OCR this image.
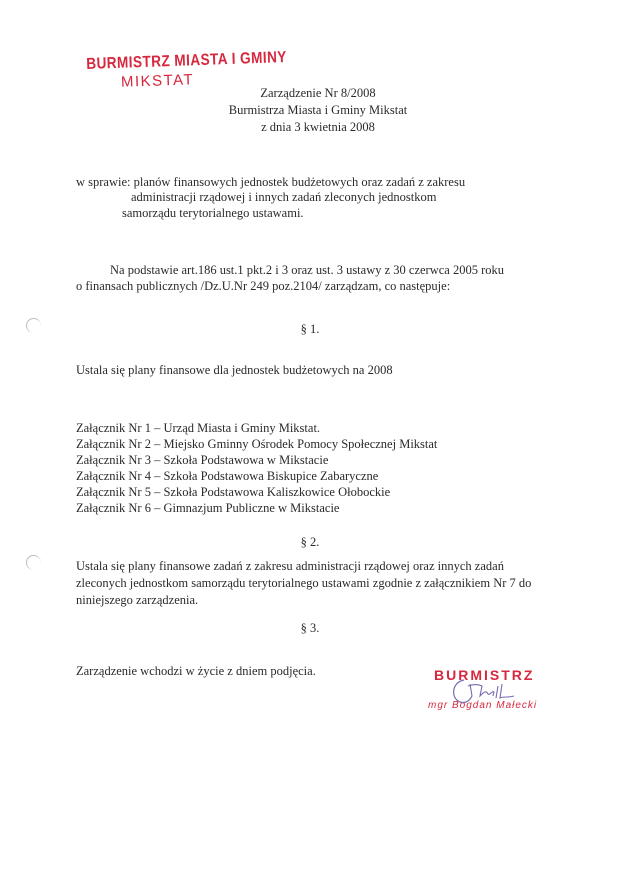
BURMISTRZ MIASTA I GMINY
MIKSTAT
Zarządzenie Nr 8/2008
Burmistrza Miasta i Gminy Mikstat
z dnia 3 kwietnia 2008
w sprawie: planów finansowych jednostek budżetowych oraz zadań z zakresu
administracji rządowej i innych zadań zleconych jednostkom
samorządu terytorialnego ustawami.
Na podstawie art.186 ust.1 pkt.2 i 3 oraz ust. 3 ustawy z 30 czerwca 2005 roku
o finansach publicznych /Dz.U.Nr 249 poz.2104/ zarządzam, co następuje:
§ 1.
Ustala się plany finansowe dla jednostek budżetowych na 2008
Załącznik Nr 1 – Urząd Miasta i Gminy Mikstat.
Załącznik Nr 2 – Miejsko Gminny Ośrodek Pomocy Społecznej Mikstat
Załącznik Nr 3 – Szkoła Podstawowa w Mikstacie
Załącznik Nr 4 – Szkoła Podstawowa Biskupice Zabaryczne
Załącznik Nr 5 – Szkoła Podstawowa Kaliszkowice Ołobockie
Załącznik Nr 6 – Gimnazjum Publiczne w Mikstacie
§ 2.
Ustala się plany finansowe zadań z zakresu administracji rządowej oraz innych zadań
zleconych jednostkom samorządu terytorialnego ustawami zgodnie z załącznikiem Nr 7 do
niniejszego zarządzenia.
§ 3.
Zarządzenie wchodzi w życie z dniem podjęcia.	BURMISTRZ
mgr Bogdan Małecki
